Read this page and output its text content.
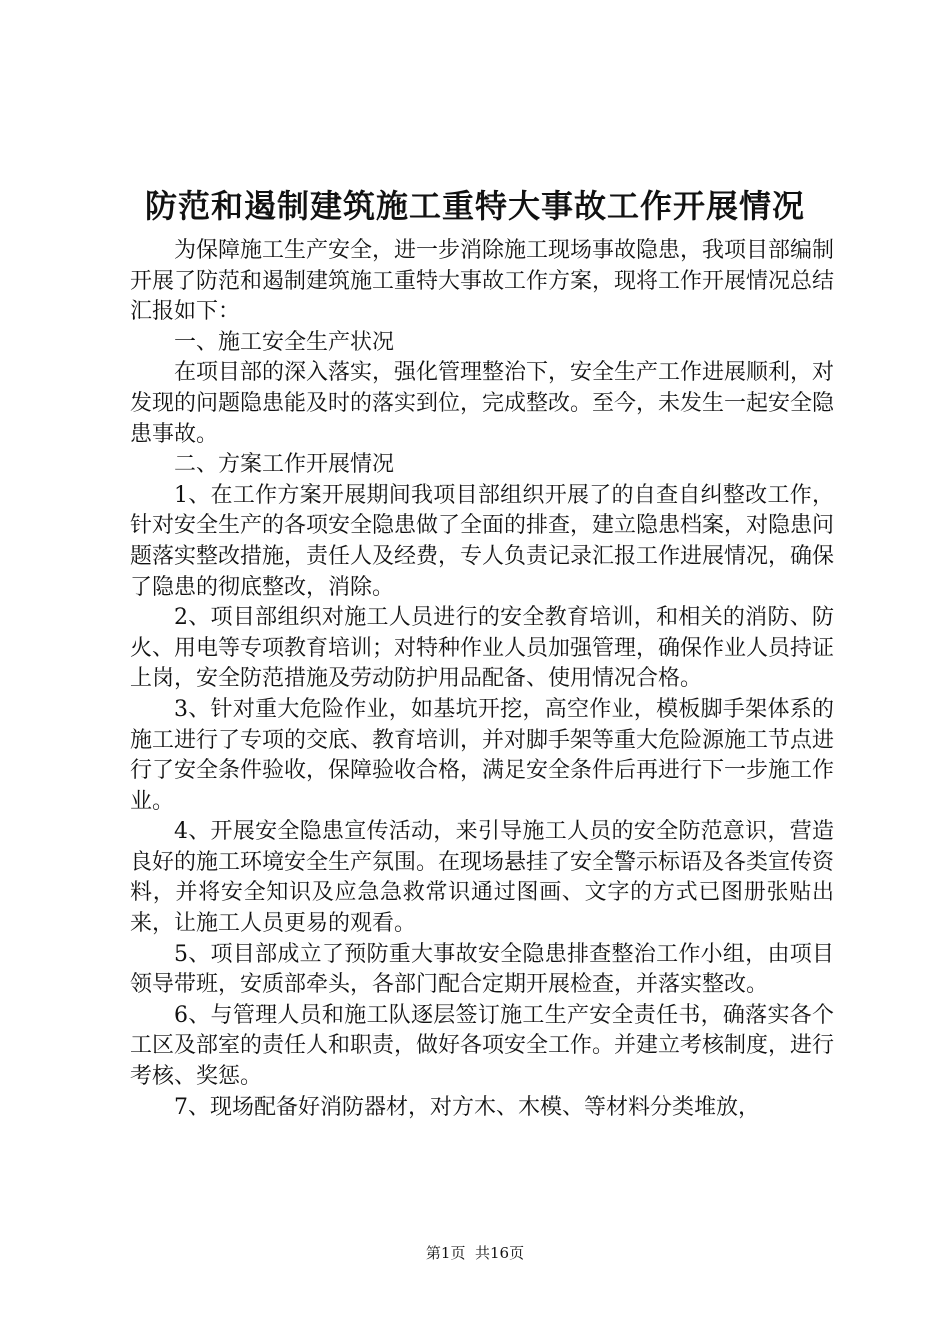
防范和遏制建筑施工重特大事故工作开展情况

为保障施工生产安全，进一步消除施工现场事故隐患，我项目部编制开展了防范和遏制建筑施工重特大事故工作方案，现将工作开展情况总结汇报如下：

一、施工安全生产状况

在项目部的深入落实，强化管理整治下，安全生产工作进展顺利，对发现的问题隐患能及时的落实到位，完成整改。至今，未发生一起安全隐患事故。

二、方案工作开展情况

1、在工作方案开展期间我项目部组织开展了的自查自纠整改工作，针对安全生产的各项安全隐患做了全面的排查，建立隐患档案，对隐患问题落实整改措施，责任人及经费，专人负责记录汇报工作进展情况，确保了隐患的彻底整改，消除。

2、项目部组织对施工人员进行的安全教育培训，和相关的消防、防火、用电等专项教育培训；对特种作业人员加强管理，确保作业人员持证上岗，安全防范措施及劳动防护用品配备、使用情况合格。

3、针对重大危险作业，如基坑开挖，高空作业，模板脚手架体系的施工进行了专项的交底、教育培训，并对脚手架等重大危险源施工节点进行了安全条件验收，保障验收合格，满足安全条件后再进行下一步施工作业。

4、开展安全隐患宣传活动，来引导施工人员的安全防范意识，营造良好的施工环境安全生产氛围。在现场悬挂了安全警示标语及各类宣传资料，并将安全知识及应急急救常识通过图画、文字的方式已图册张贴出来，让施工人员更易的观看。

5、项目部成立了预防重大事故安全隐患排查整治工作小组，由项目领导带班，安质部牵头，各部门配合定期开展检查，并落实整改。

6、与管理人员和施工队逐层签订施工生产安全责任书，确落实各个工区及部室的责任人和职责，做好各项安全工作。并建立考核制度，进行考核、奖惩。

7、现场配备好消防器材，对方木、木模、等材料分类堆放，

第1页 共16页
